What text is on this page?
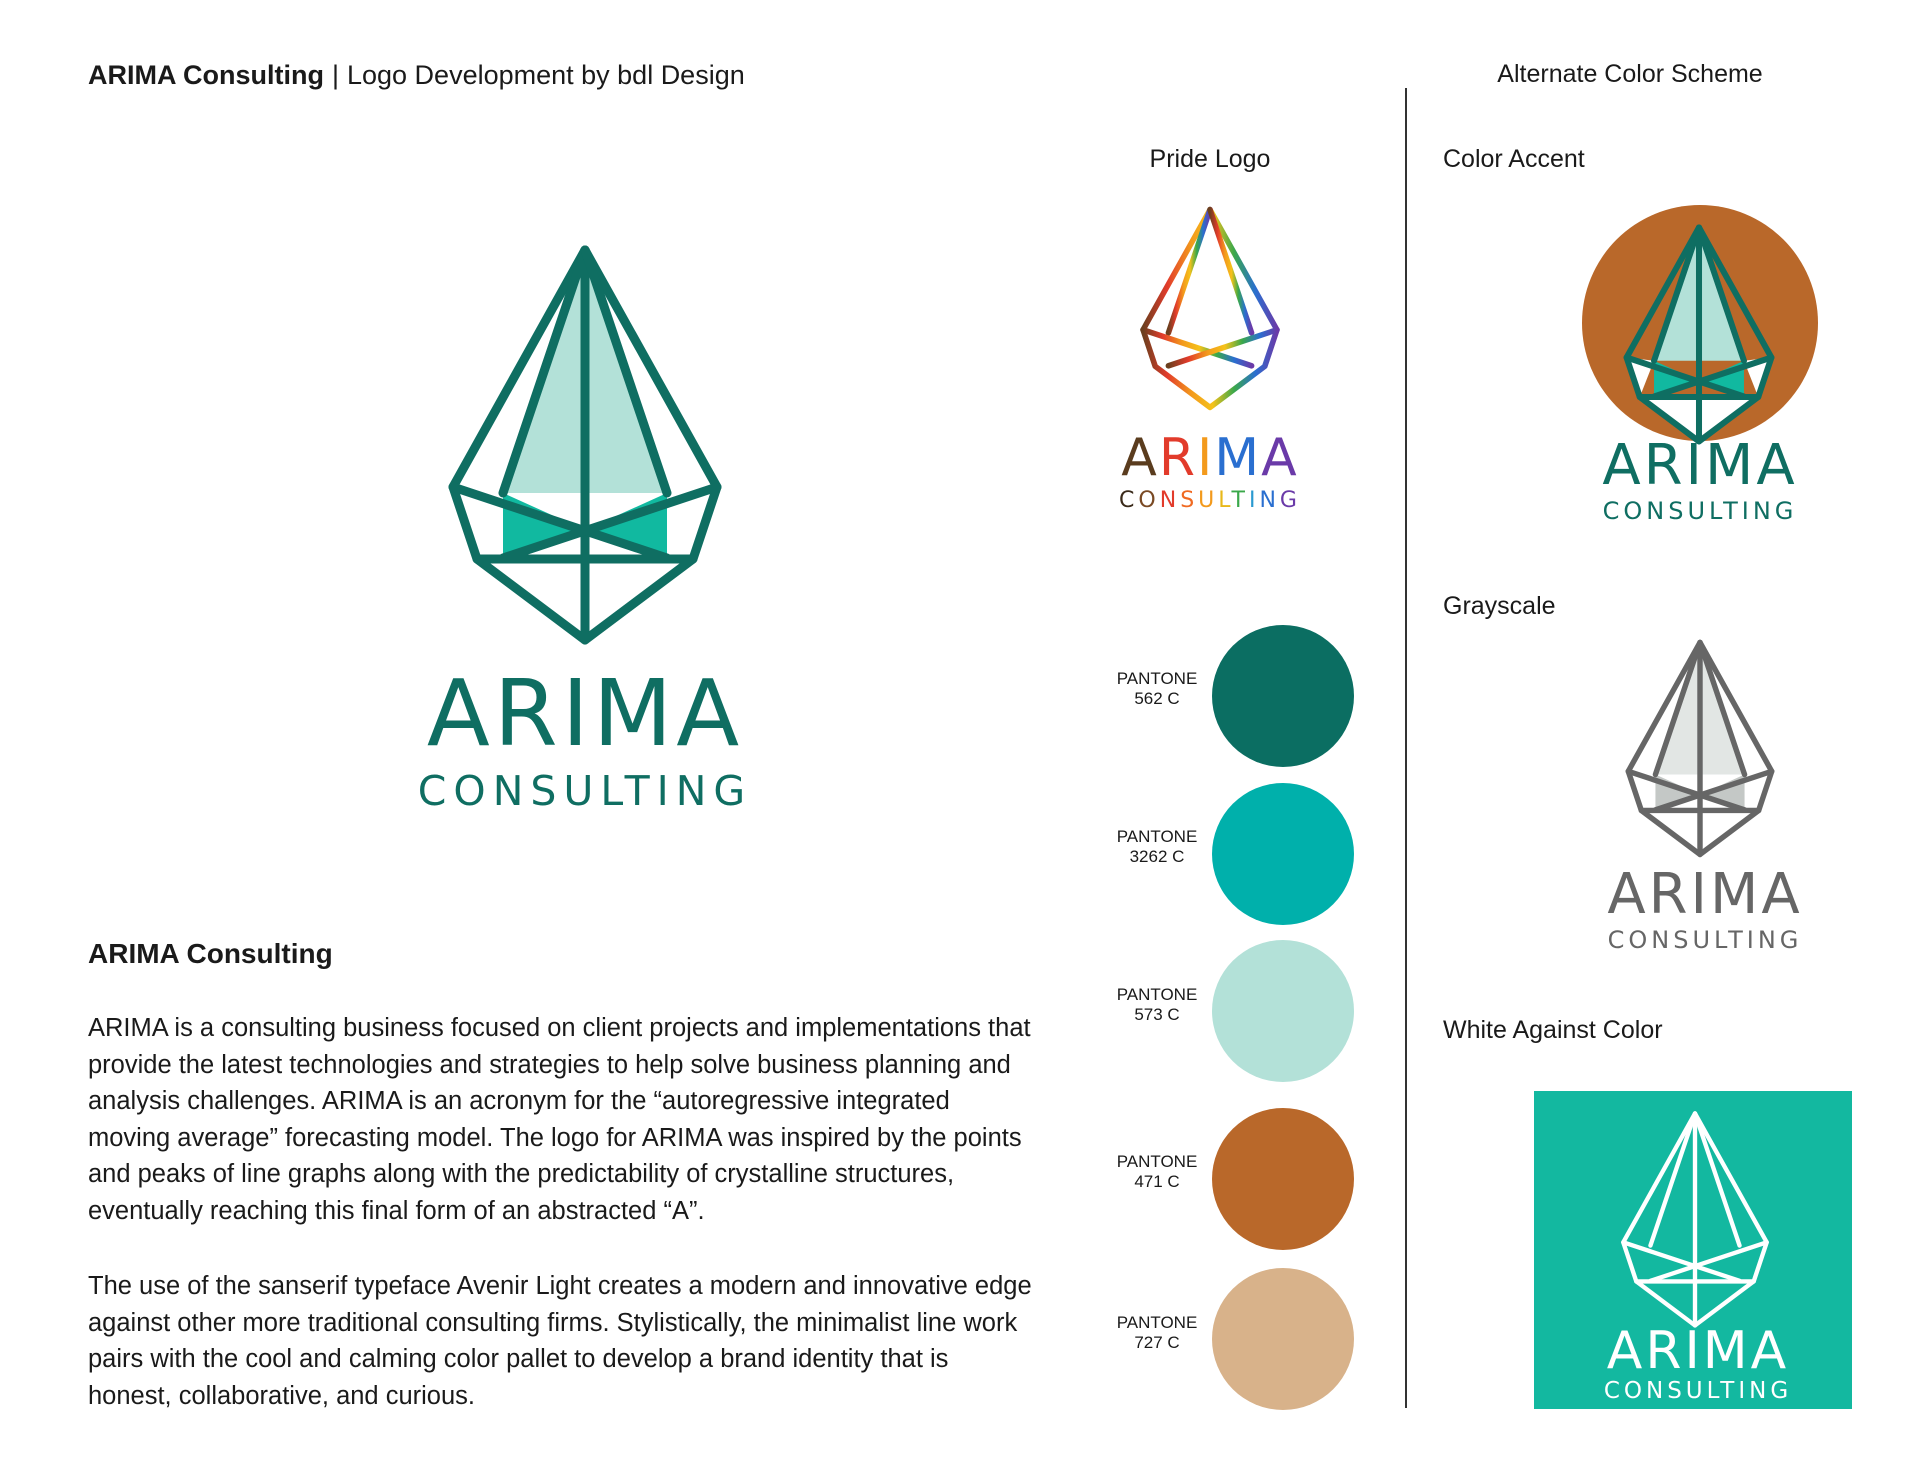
ARIMA Consulting | Logo Development by bdl Design
ARIMA
CONSULTING
Pride Logo
ARIMA
CONSULTING
PANTONE
562 C
PANTONE
3262 C
PANTONE
573 C
PANTONE
471 C
PANTONE
727 C
Alternate Color Scheme
Color Accent
ARIMA
CONSULTING
Grayscale
ARIMA
CONSULTING
White Against Color
ARIMA
CONSULTING
ARIMA Consulting
ARIMA is a consulting business focused on client projects and implementations that provide the latest technologies and strategies to help solve business planning and analysis challenges. ARIMA is an acronym for the “autoregressive integrated moving average” forecasting model. The logo for ARIMA was inspired by the points and peaks of line graphs along with the predictability of crystalline structures, eventually reaching this final form of an abstracted “A”.
The use of the sanserif typeface Avenir Light creates a modern and innovative edge against other more traditional consulting firms. Stylistically, the minimalist line work pairs with the cool and calming color pallet to develop a brand identity that is honest, collaborative, and curious.
